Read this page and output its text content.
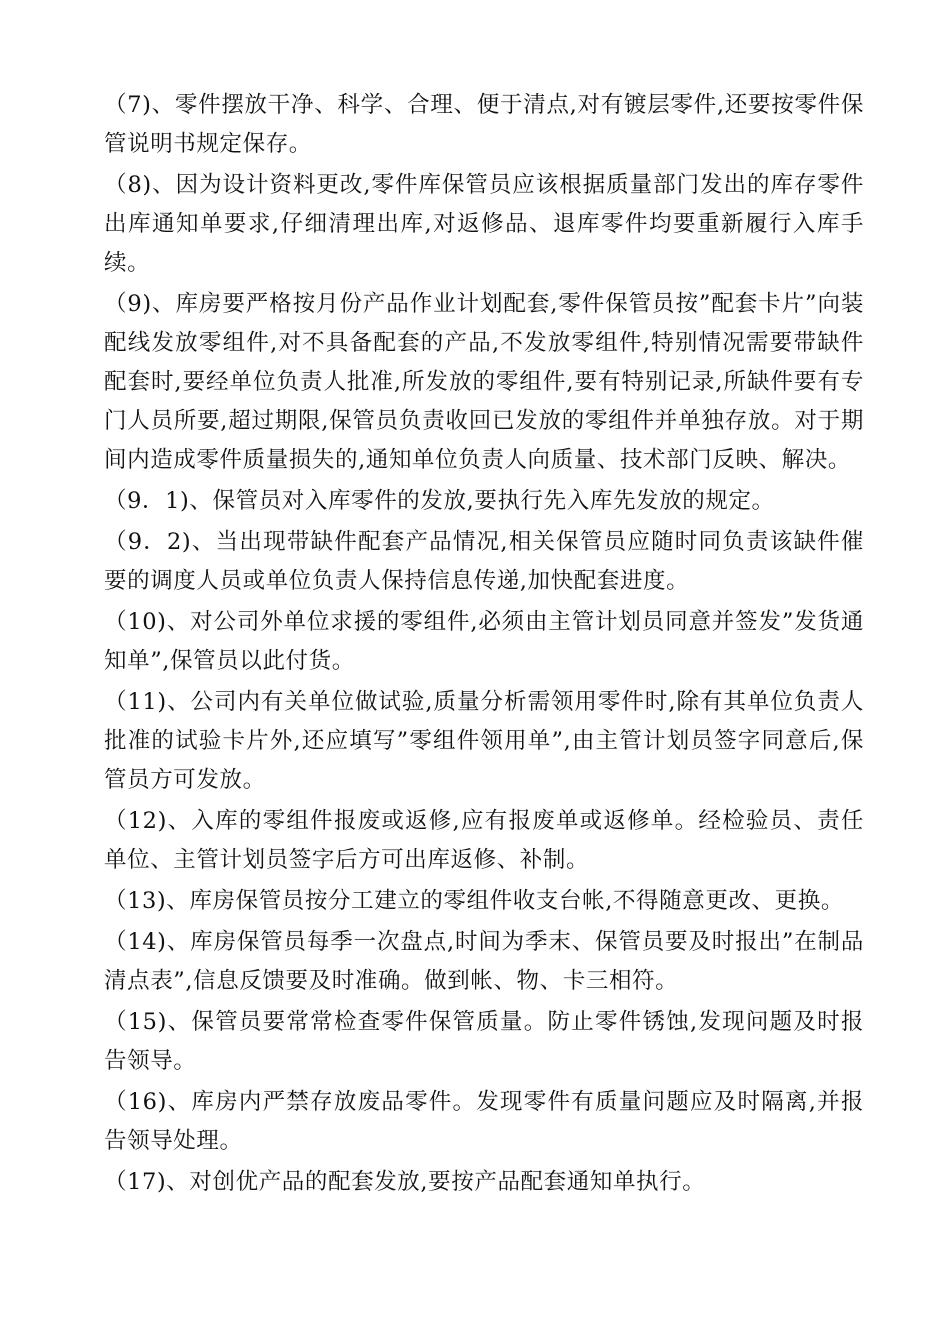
（7)、零件摆放干净、科学、合理、便于清点,对有镀层零件,还要按零件保管说明书规定保存。

（8)、因为设计资料更改,零件库保管员应该根据质量部门发出的库存零件出库通知单要求,仔细清理出库,对返修品、退库零件均要重新履行入库手续。

（9)、库房要严格按月份产品作业计划配套,零件保管员按”配套卡片”向装配线发放零组件,对不具备配套的产品,不发放零组件,特别情况需要带缺件配套时,要经单位负责人批准,所发放的零组件,要有特别记录,所缺件要有专门人员所要,超过期限,保管员负责收回已发放的零组件并单独存放。对于期间内造成零件质量损失的,通知单位负责人向质量、技术部门反映、解决。

（9．1)、保管员对入库零件的发放,要执行先入库先发放的规定。

（9．2)、当出现带缺件配套产品情况,相关保管员应随时同负责该缺件催要的调度人员或单位负责人保持信息传递,加快配套进度。

（10)、对公司外单位求援的零组件,必须由主管计划员同意并签发”发货通知单”,保管员以此付货。

（11)、公司内有关单位做试验,质量分析需领用零件时,除有其单位负责人批准的试验卡片外,还应填写”零组件领用单”,由主管计划员签字同意后,保管员方可发放。

（12)、入库的零组件报废或返修,应有报废单或返修单。经检验员、责任单位、主管计划员签字后方可出库返修、补制。

（13)、库房保管员按分工建立的零组件收支台帐,不得随意更改、更换。

（14)、库房保管员每季一次盘点,时间为季末、保管员要及时报出”在制品清点表”,信息反馈要及时准确。做到帐、物、卡三相符。

（15)、保管员要常常检查零件保管质量。防止零件锈蚀,发现问题及时报告领导。

（16)、库房内严禁存放废品零件。发现零件有质量问题应及时隔离,并报告领导处理。

（17)、对创优产品的配套发放,要按产品配套通知单执行。
